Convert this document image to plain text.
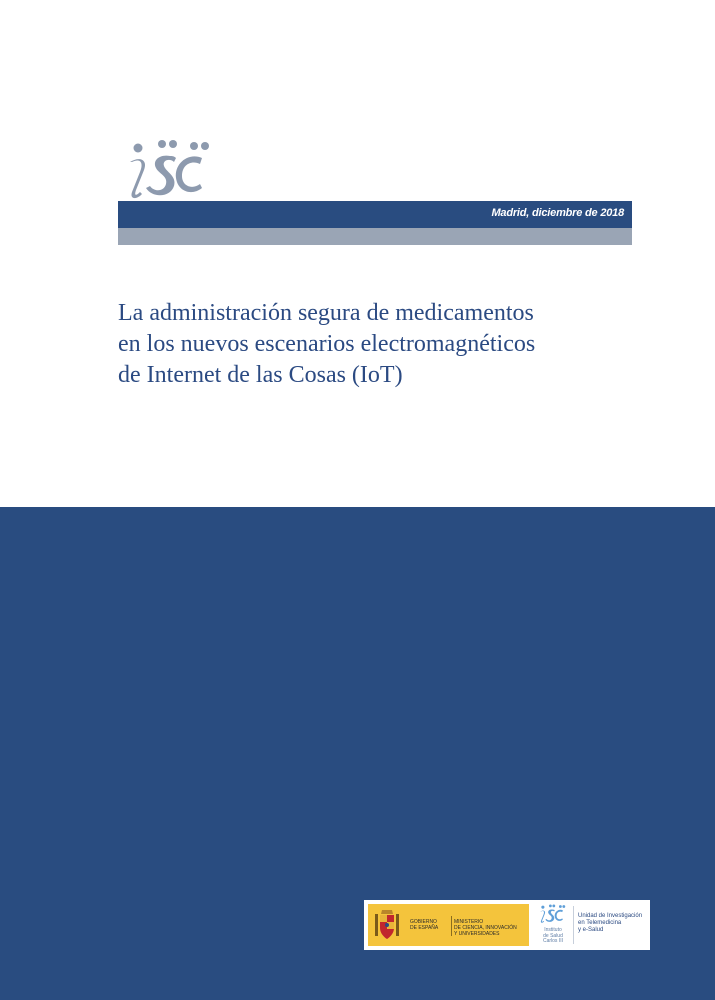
Madrid, diciembre de 2018
La administración segura de medicamentos
en los nuevos escenarios electromagnéticos
de Internet de las Cosas (IoT)
GOBIERNO
DE ESPAÑA
MINISTERIO
DE CIENCIA, INNOVACIÓN
Y UNIVERSIDADES
Instituto
de Salud
Carlos III
Unidad de Investigación
en Telemedicina
y e-Salud
